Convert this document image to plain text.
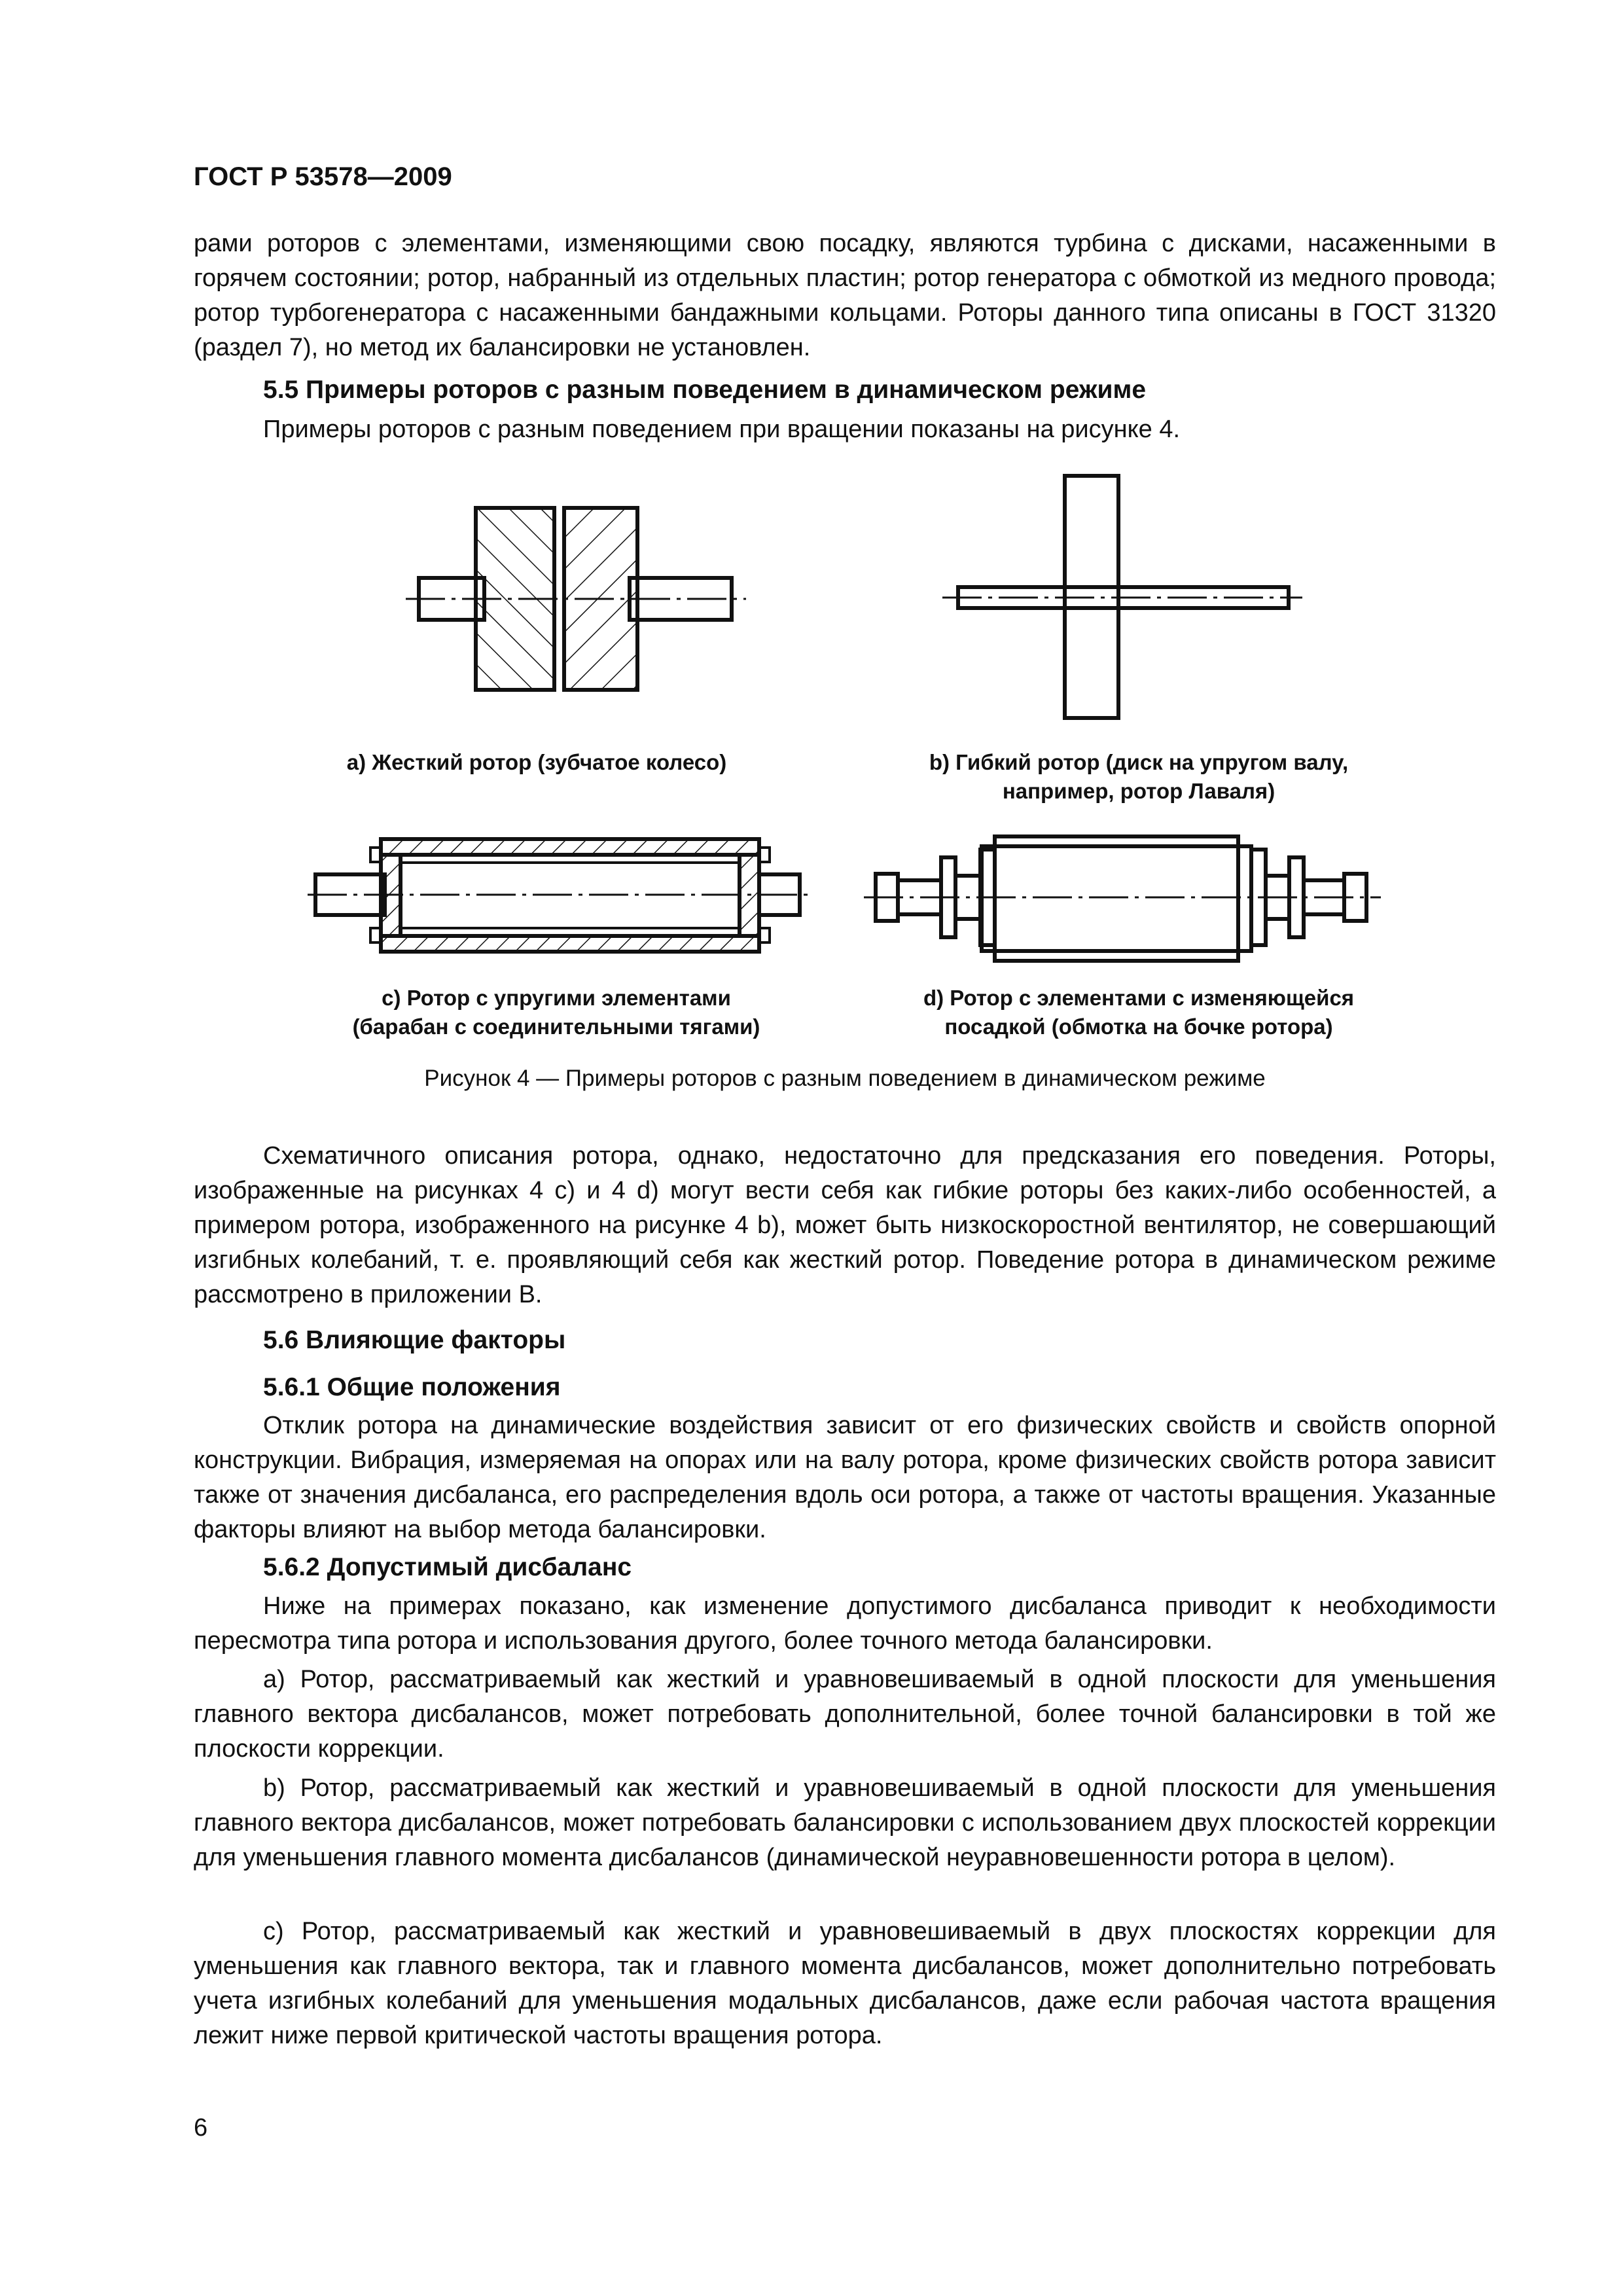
ГОСТ Р 53578—2009
рами роторов с элементами, изменяющими свою посадку, являются турбина с дисками, насаженными в горячем состоянии; ротор, набранный из отдельных пластин; ротор генератора с обмоткой из медного провода; ротор турбогенератора с насаженными бандажными кольцами. Роторы данного типа описаны в ГОСТ 31320 (раздел 7), но метод их балансировки не установлен.
5.5 Примеры роторов с разным поведением в динамическом режиме
Примеры роторов с разным поведением при вращении показаны на рисунке 4.
a) Жесткий ротор (зубчатое колесо)	b) Гибкий ротор (диск на упругом валу,
например, ротор Лаваля)
c) Ротор с упругими элементами
(барабан с соединительными тягами)
d) Ротор с элементами с изменяющейся
посадкой (обмотка на бочке ротора)
Рисунок 4 — Примеры роторов с разным поведением в динамическом режиме
Схематичного описания ротора, однако, недостаточно для предсказания его поведения. Роторы, изображенные на рисунках 4 c) и 4 d) могут вести себя как гибкие роторы без каких-либо особенностей, а примером ротора, изображенного на рисунке 4 b), может быть низкоскоростной вентилятор, не совершающий изгибных колебаний, т. е. проявляющий себя как жесткий ротор. Поведение ротора в динамическом режиме рассмотрено в приложении В.
5.6 Влияющие факторы
5.6.1 Общие положения
Отклик ротора на динамические воздействия зависит от его физических свойств и свойств опорной конструкции. Вибрация, измеряемая на опорах или на валу ротора, кроме физических свойств ротора зависит также от значения дисбаланса, его распределения вдоль оси ротора, а также от частоты вращения. Указанные факторы влияют на выбор метода балансировки.
5.6.2 Допустимый дисбаланс
Ниже на примерах показано, как изменение допустимого дисбаланса приводит к необходимости пересмотра типа ротора и использования другого, более точного метода балансировки.
a) Ротор, рассматриваемый как жесткий и уравновешиваемый в одной плоскости для уменьшения главного вектора дисбалансов, может потребовать дополнительной, более точной балансировки в той же плоскости коррекции.
b) Ротор, рассматриваемый как жесткий и уравновешиваемый в одной плоскости для уменьшения главного вектора дисбалансов, может потребовать балансировки с использованием двух плоскостей коррекции для уменьшения главного момента дисбалансов (динамической неуравновешенности ротора в целом).
c) Ротор, рассматриваемый как жесткий и уравновешиваемый в двух плоскостях коррекции для уменьшения как главного вектора, так и главного момента дисбалансов, может дополнительно потребовать учета изгибных колебаний для уменьшения модальных дисбалансов, даже если рабочая частота вращения лежит ниже первой критической частоты вращения ротора.
6
